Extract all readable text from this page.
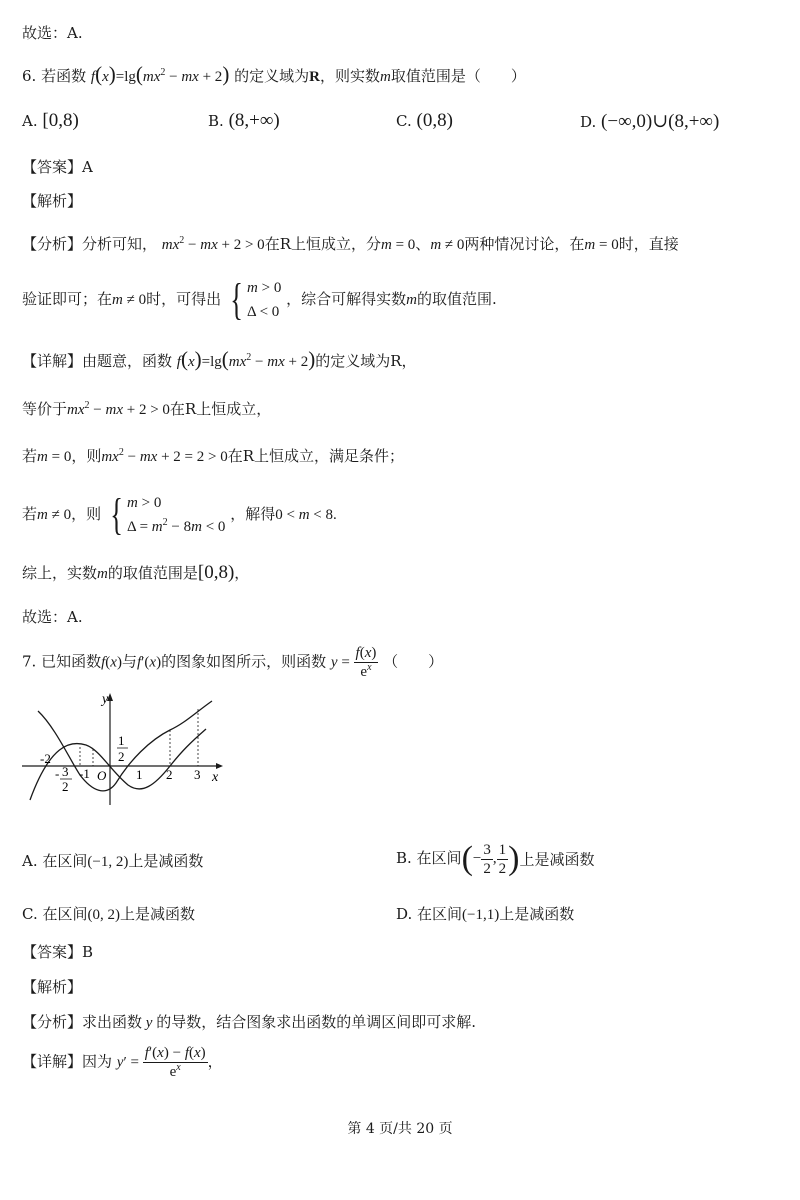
故选：A.
6. 若函数 $f(x)=\lg(mx^2$ − mx + 2) 的定义域为R，则实数m取值范围是（　　）
A. [0,8)	B. (8,+∞)	C. (0,8)	D. (−∞,0)∪(8,+∞)
【答案】A
【解析】
【分析】分析可知， $mx^2$ − mx + 2 > 0在R上恒成立，分m = 0、m ≠ 0两种情况讨论，在m = 0时，直接
验证即可；在m ≠ 0时，可得出 { m > 0
Δ < 0 ，综合可解得实数m的取值范围.
【详解】由题意，函数 $f(x)=\lg(mx^2$ − mx + 2)的定义域为R，
等价于$mx^2$ − mx + 2 > 0在R上恒成立，
若m = 0，则$mx^2$ − mx + 2 = 2 > 0在R上恒成立，满足条件；
若m ≠ 0，则 { m > 0
$\Delta = m^2 - 8m < 0$ ，解得0 < m < 8.
综上，实数m的取值范围是[0,8)，
故选：A.
7. 已知函数f(x)与f′(x)的图象如图所示，则函数 $y = \frac{f(x)}{e^x}$ （　　）
y
x
O
-2
- 3
2
-1
1
2
1 2 3
A. 在区间(−1, 2)上是减函数	B. 在区间(− $\frac{3}{2}$ , $\frac{1}{2}$ )上是减函数
C. 在区间(0, 2)上是减函数	D. 在区间(−1,1)上是减函数
【答案】B
【解析】
【分析】求出函数 y 的导数，结合图象求出函数的单调区间即可求解.
【详解】因为 $y' = \frac{f'(x) - f(x)}{e^x}$ ，
第 4 页/共 20 页
